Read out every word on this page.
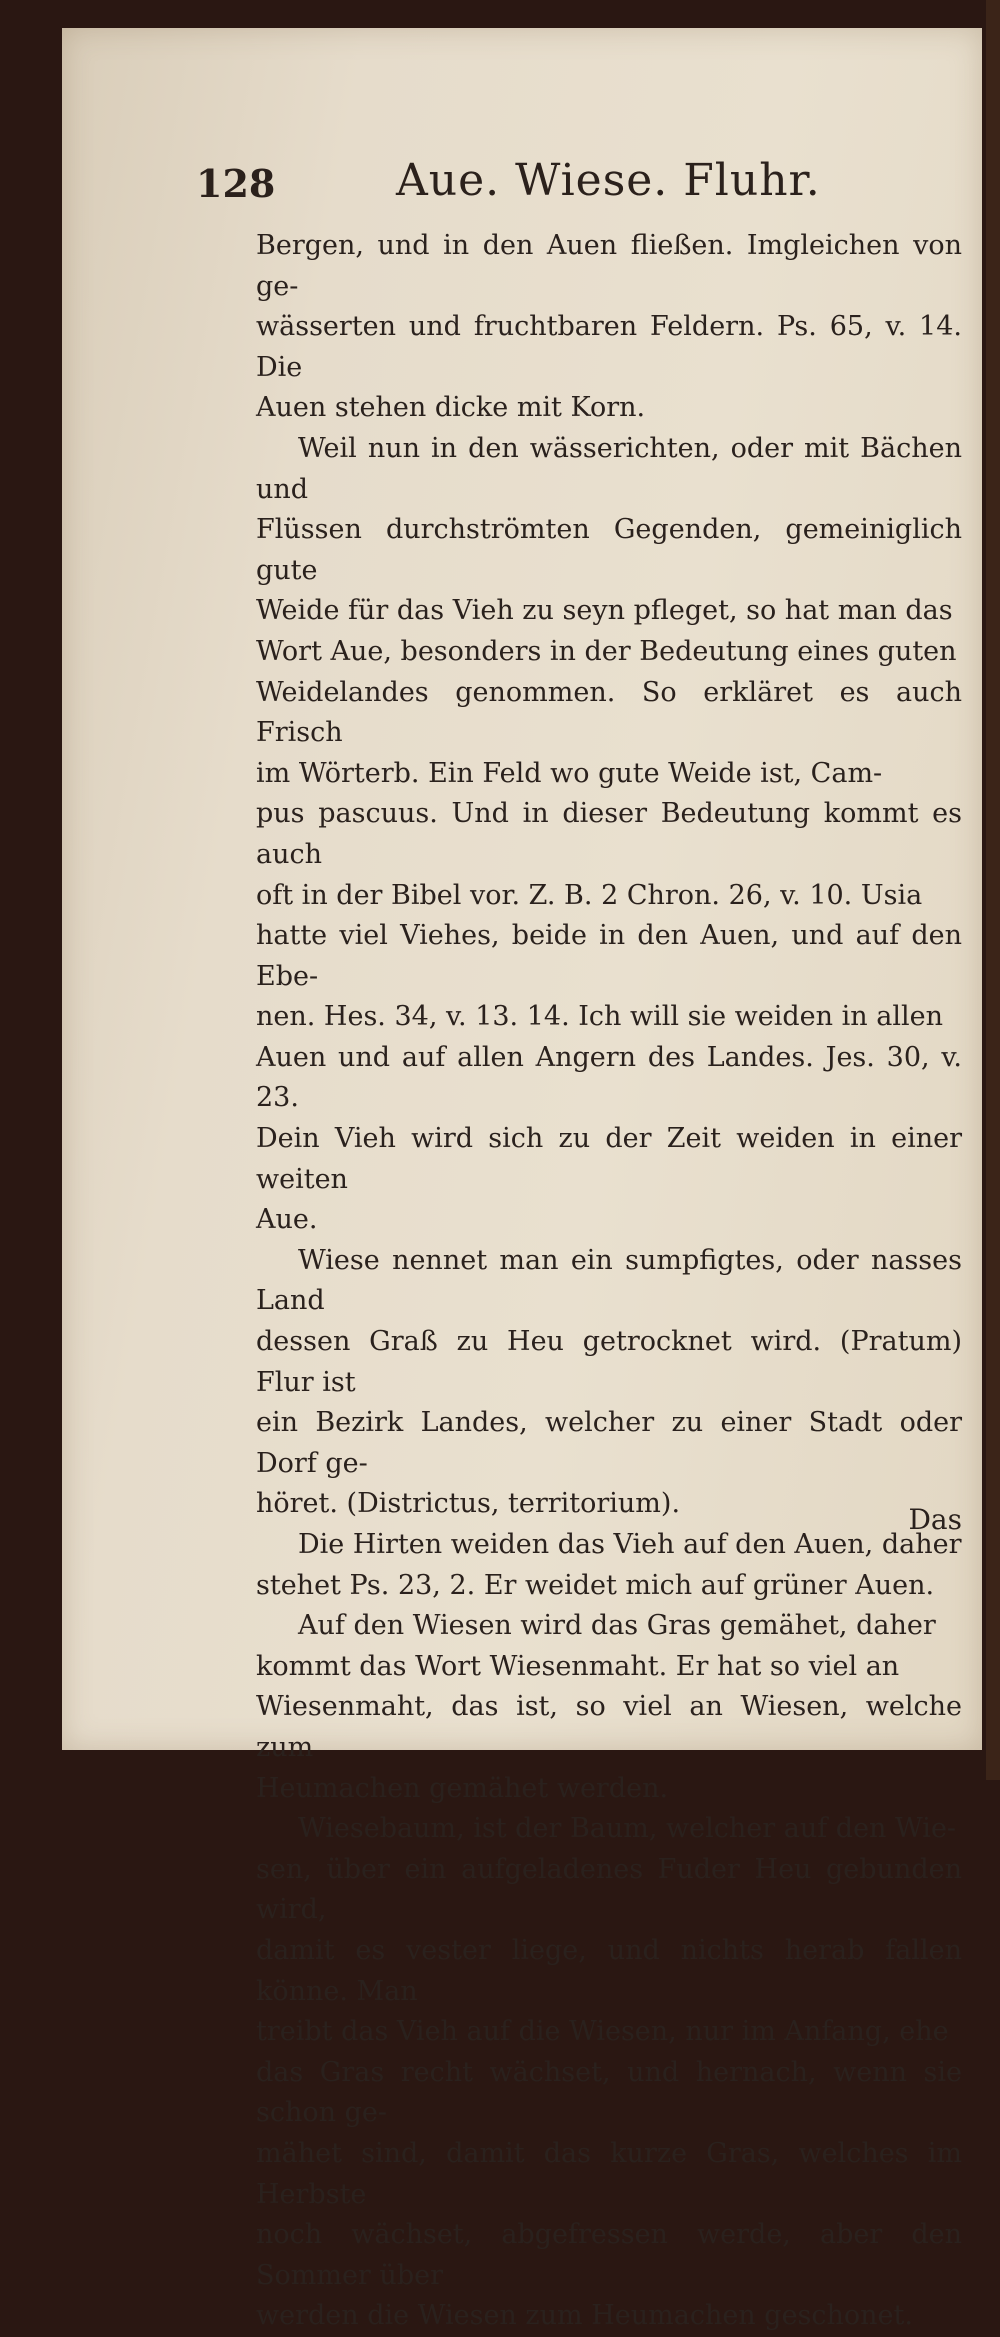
128	Aue. Wiese. Fluhr.

Bergen, und in den Auen fließen. Imgleichen von ge-
wässerten und fruchtbaren Feldern. Ps. 65, v. 14. Die
Auen stehen dicke mit Korn.

Weil nun in den wässerichten, oder mit Bächen und
Flüssen durchströmten Gegenden, gemeiniglich gute
Weide für das Vieh zu seyn pfleget, so hat man das
Wort Aue, besonders in der Bedeutung eines guten
Weidelandes genommen. So erkläret es auch Frisch
im Wörterb. Ein Feld wo gute Weide ist, Cam-
pus pascuus. Und in dieser Bedeutung kommt es auch
oft in der Bibel vor. Z. B. 2 Chron. 26, v. 10. Usia
hatte viel Viehes, beide in den Auen, und auf den Ebe-
nen. Hes. 34, v. 13. 14. Ich will sie weiden in allen
Auen und auf allen Angern des Landes. Jes. 30, v. 23.
Dein Vieh wird sich zu der Zeit weiden in einer weiten
Aue.

Wiese nennet man ein sumpfigtes, oder nasses Land
dessen Graß zu Heu getrocknet wird. (Pratum) Flur ist
ein Bezirk Landes, welcher zu einer Stadt oder Dorf ge-
höret. (Districtus, territorium).

Die Hirten weiden das Vieh auf den Auen, daher
stehet Ps. 23, 2. Er weidet mich auf grüner Auen.

Auf den Wiesen wird das Gras gemähet, daher
kommt das Wort Wiesenmaht. Er hat so viel an
Wiesenmaht, das ist, so viel an Wiesen, welche zum
Heumachen gemähet werden.

Wiesebaum, ist der Baum, welcher auf den Wie-
sen, über ein aufgeladenes Fuder Heu gebunden wird,
damit es vester liege, und nichts herab fallen könne. Man
treibt das Vieh auf die Wiesen, nur im Anfang, ehe
das Gras recht wächset, und hernach, wenn sie schon ge-
mähet sind, damit das kurze Gras, welches im Herbste
noch wächset, abgefressen werde, aber den Sommer über
werden die Wiesen zum Heumachen geschonet.

Das
